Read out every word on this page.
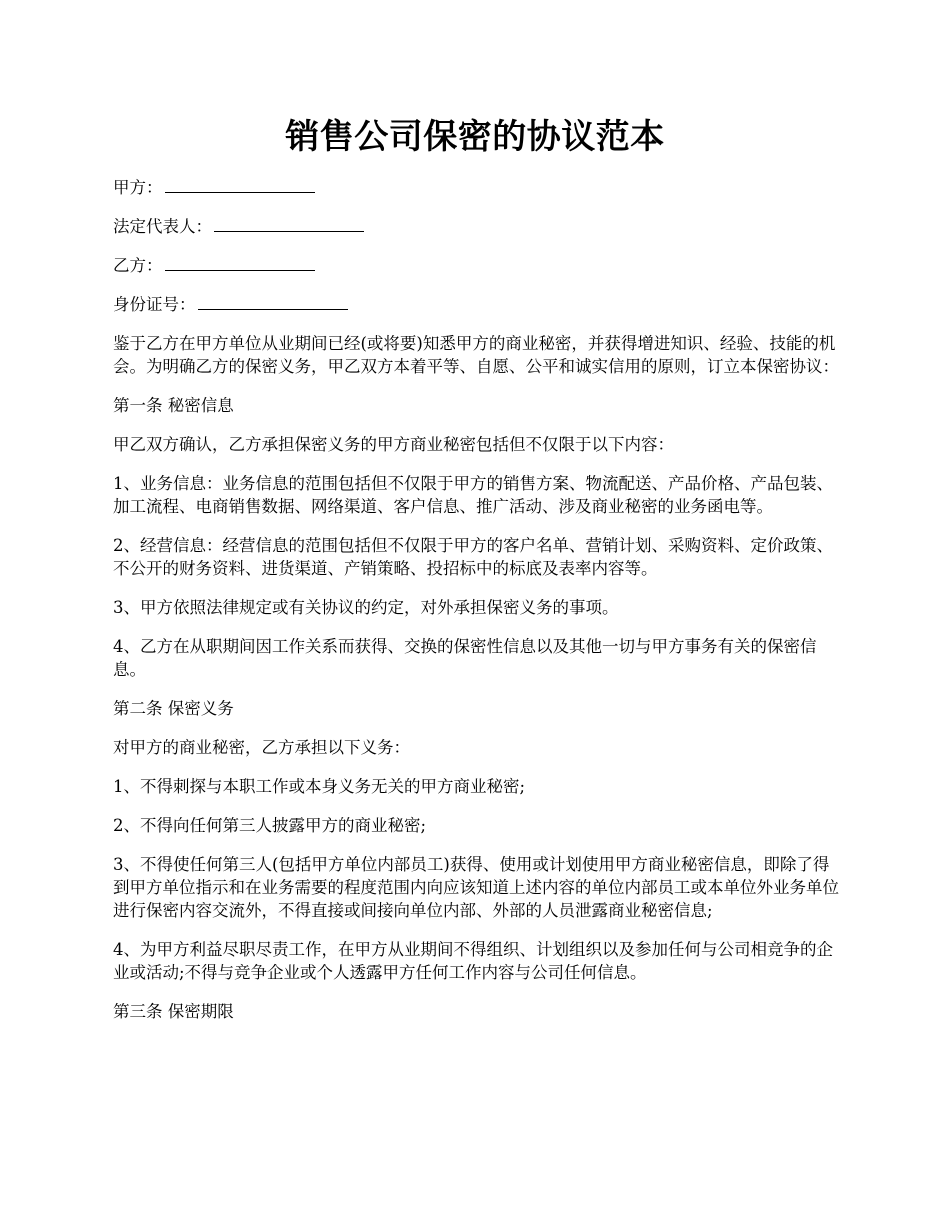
销售公司保密的协议范本

甲方：

法定代表人：

乙方：

身份证号：

鉴于乙方在甲方单位从业期间已经(或将要)知悉甲方的商业秘密，并获得增进知识、经验、技能的机会。为明确乙方的保密义务，甲乙双方本着平等、自愿、公平和诚实信用的原则，订立本保密协议：

第一条 秘密信息

甲乙双方确认，乙方承担保密义务的甲方商业秘密包括但不仅限于以下内容：

1、业务信息：业务信息的范围包括但不仅限于甲方的销售方案、物流配送、产品价格、产品包装、加工流程、电商销售数据、网络渠道、客户信息、推广活动、涉及商业秘密的业务函电等。

2、经营信息：经营信息的范围包括但不仅限于甲方的客户名单、营销计划、采购资料、定价政策、不公开的财务资料、进货渠道、产销策略、投招标中的标底及表率内容等。

3、甲方依照法律规定或有关协议的约定，对外承担保密义务的事项。

4、乙方在从职期间因工作关系而获得、交换的保密性信息以及其他一切与甲方事务有关的保密信息。

第二条 保密义务

对甲方的商业秘密，乙方承担以下义务：

1、不得刺探与本职工作或本身义务无关的甲方商业秘密;

2、不得向任何第三人披露甲方的商业秘密;

3、不得使任何第三人(包括甲方单位内部员工)获得、使用或计划使用甲方商业秘密信息，即除了得到甲方单位指示和在业务需要的程度范围内向应该知道上述内容的单位内部员工或本单位外业务单位进行保密内容交流外，不得直接或间接向单位内部、外部的人员泄露商业秘密信息;

4、为甲方利益尽职尽责工作，在甲方从业期间不得组织、计划组织以及参加任何与公司相竞争的企业或活动;不得与竞争企业或个人透露甲方任何工作内容与公司任何信息。

第三条 保密期限
